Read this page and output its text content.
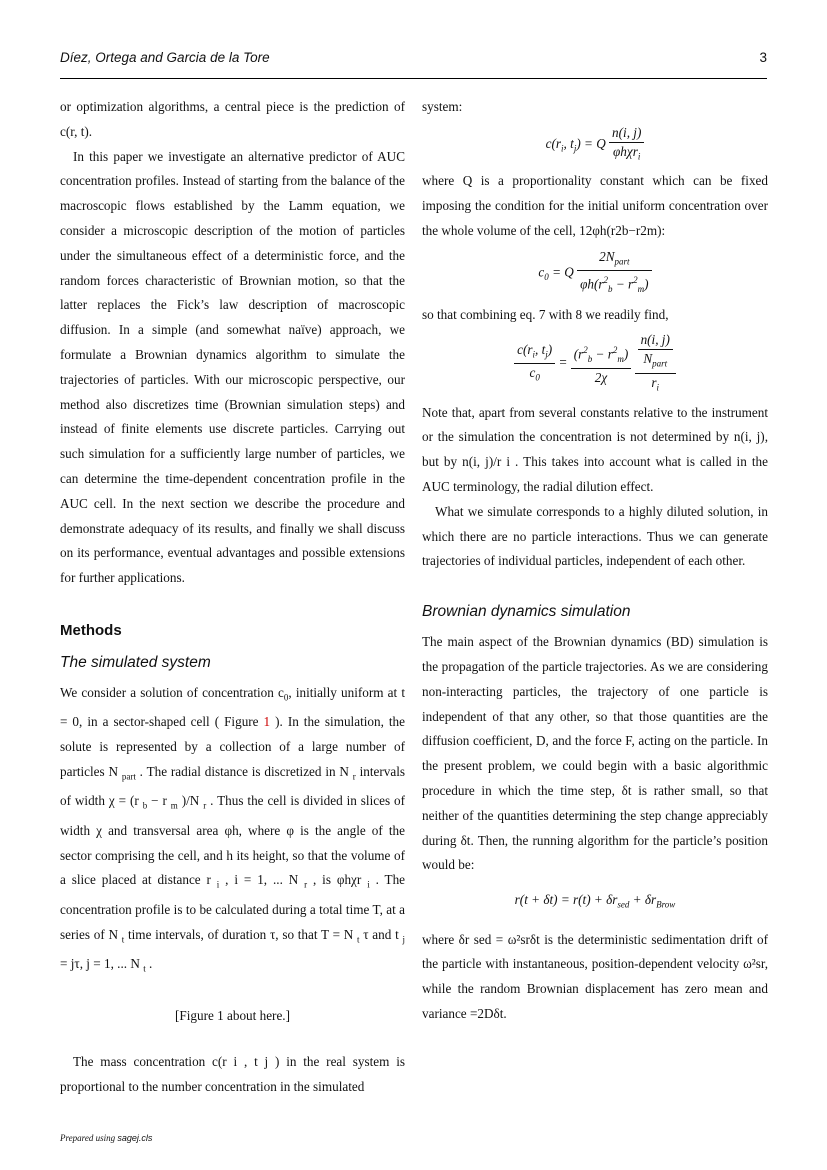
Díez, Ortega and Garcia de la Tore	3

or optimization algorithms, a central piece is the prediction of c(r, t).

In this paper we investigate an alternative predictor of AUC concentration profiles. Instead of starting from the balance of the macroscopic flows established by the Lamm equation, we consider a microscopic description of the motion of particles under the simultaneous effect of a deterministic force, and the random forces characteristic of Brownian motion, so that the latter replaces the Fick’s law description of macroscopic diffusion. In a simple (and somewhat naïve) approach, we formulate a Brownian dynamics algorithm to simulate the trajectories of particles. With our microscopic perspective, our method also discretizes time (Brownian simulation steps) and instead of finite elements use discrete particles. Carrying out such simulation for a sufficiently large number of particles, we can determine the time-dependent concentration profile in the AUC cell. In the next section we describe the procedure and demonstrate adequacy of its results, and finally we shall discuss on its performance, eventual advantages and possible extensions for further applications.

Methods
The simulated system

We consider a solution of concentration $c_0$, initially uniform at t = 0, in a sector-shaped cell ( Figure 1 ). In the simulation, the solute is represented by a collection of a large number of particles N $_{part}$ . The radial distance is discretized in N $_r$ intervals of width χ = (r $_b$ − r $_m$ )/N $_r$ . Thus the cell is divided in slices of width χ and transversal area φh, where φ is the angle of the sector comprising the cell, and h its height, so that the volume of a slice placed at distance r $_i$ , i = 1, ... N $_r$ , is φhχr $_i$ . The concentration profile is to be calculated during a total time T, at a series of N $_t$ time intervals, of duration τ, so that T = N $_t$ τ and t $_j$ = jτ, j = 1, ... N $_t$ .

[Figure 1 about here.]

The mass concentration c(r i , t j ) in the real system is proportional to the number concentration in the simulated

system:

$c(r_i$, $t_j) = Q \frac{n(i, j)}{\varphi h\chi r_i}$

where Q is a proportionality constant which can be fixed imposing the condition for the initial uniform concentration over the whole volume of the cell, 12φh(r2b−r2m):

$c_0 = Q \frac{2N_{part}}{\varphi h(r^2_b - r^2_m)}$

so that combining eq. 7 with 8 we readily find,

$\frac{c(r_i, t_j)}{c_0} = \frac{(r^2_b - r^2_m)}{2\chi}$
$\frac{\frac{n(i, j)}{N_{part}}}{r_i}$

Note that, apart from several constants relative to the instrument or the simulation the concentration is not determined by n(i, j), but by n(i, j)/r i . This takes into account what is called in the AUC terminology, the radial dilution effect.

What we simulate corresponds to a highly diluted solution, in which there are no particle interactions. Thus we can generate trajectories of individual particles, independent of each other.

Brownian dynamics simulation

The main aspect of the Brownian dynamics (BD) simulation is the propagation of the particle trajectories. As we are considering non-interacting particles, the trajectory of one particle is independent of that any other, so that those quantities are the diffusion coefficient, D, and the force F, acting on the particle. In the present problem, we could begin with a basic algorithmic procedure in which the time step, δt is rather small, so that neither of the quantities determining the step change appreciably during δt. Then, the running algorithm for the particle’s position would be:

$r(t + \delta t) = r(t) + \delta r_{sed} + \delta r_{Brow}$

where δr sed = ω²srδt is the deterministic sedimentation drift of the particle with instantaneous, position-dependent velocity ω²sr, while the random Brownian displacement has zero mean and variance =2Dδt.

Prepared using sagej.cls
